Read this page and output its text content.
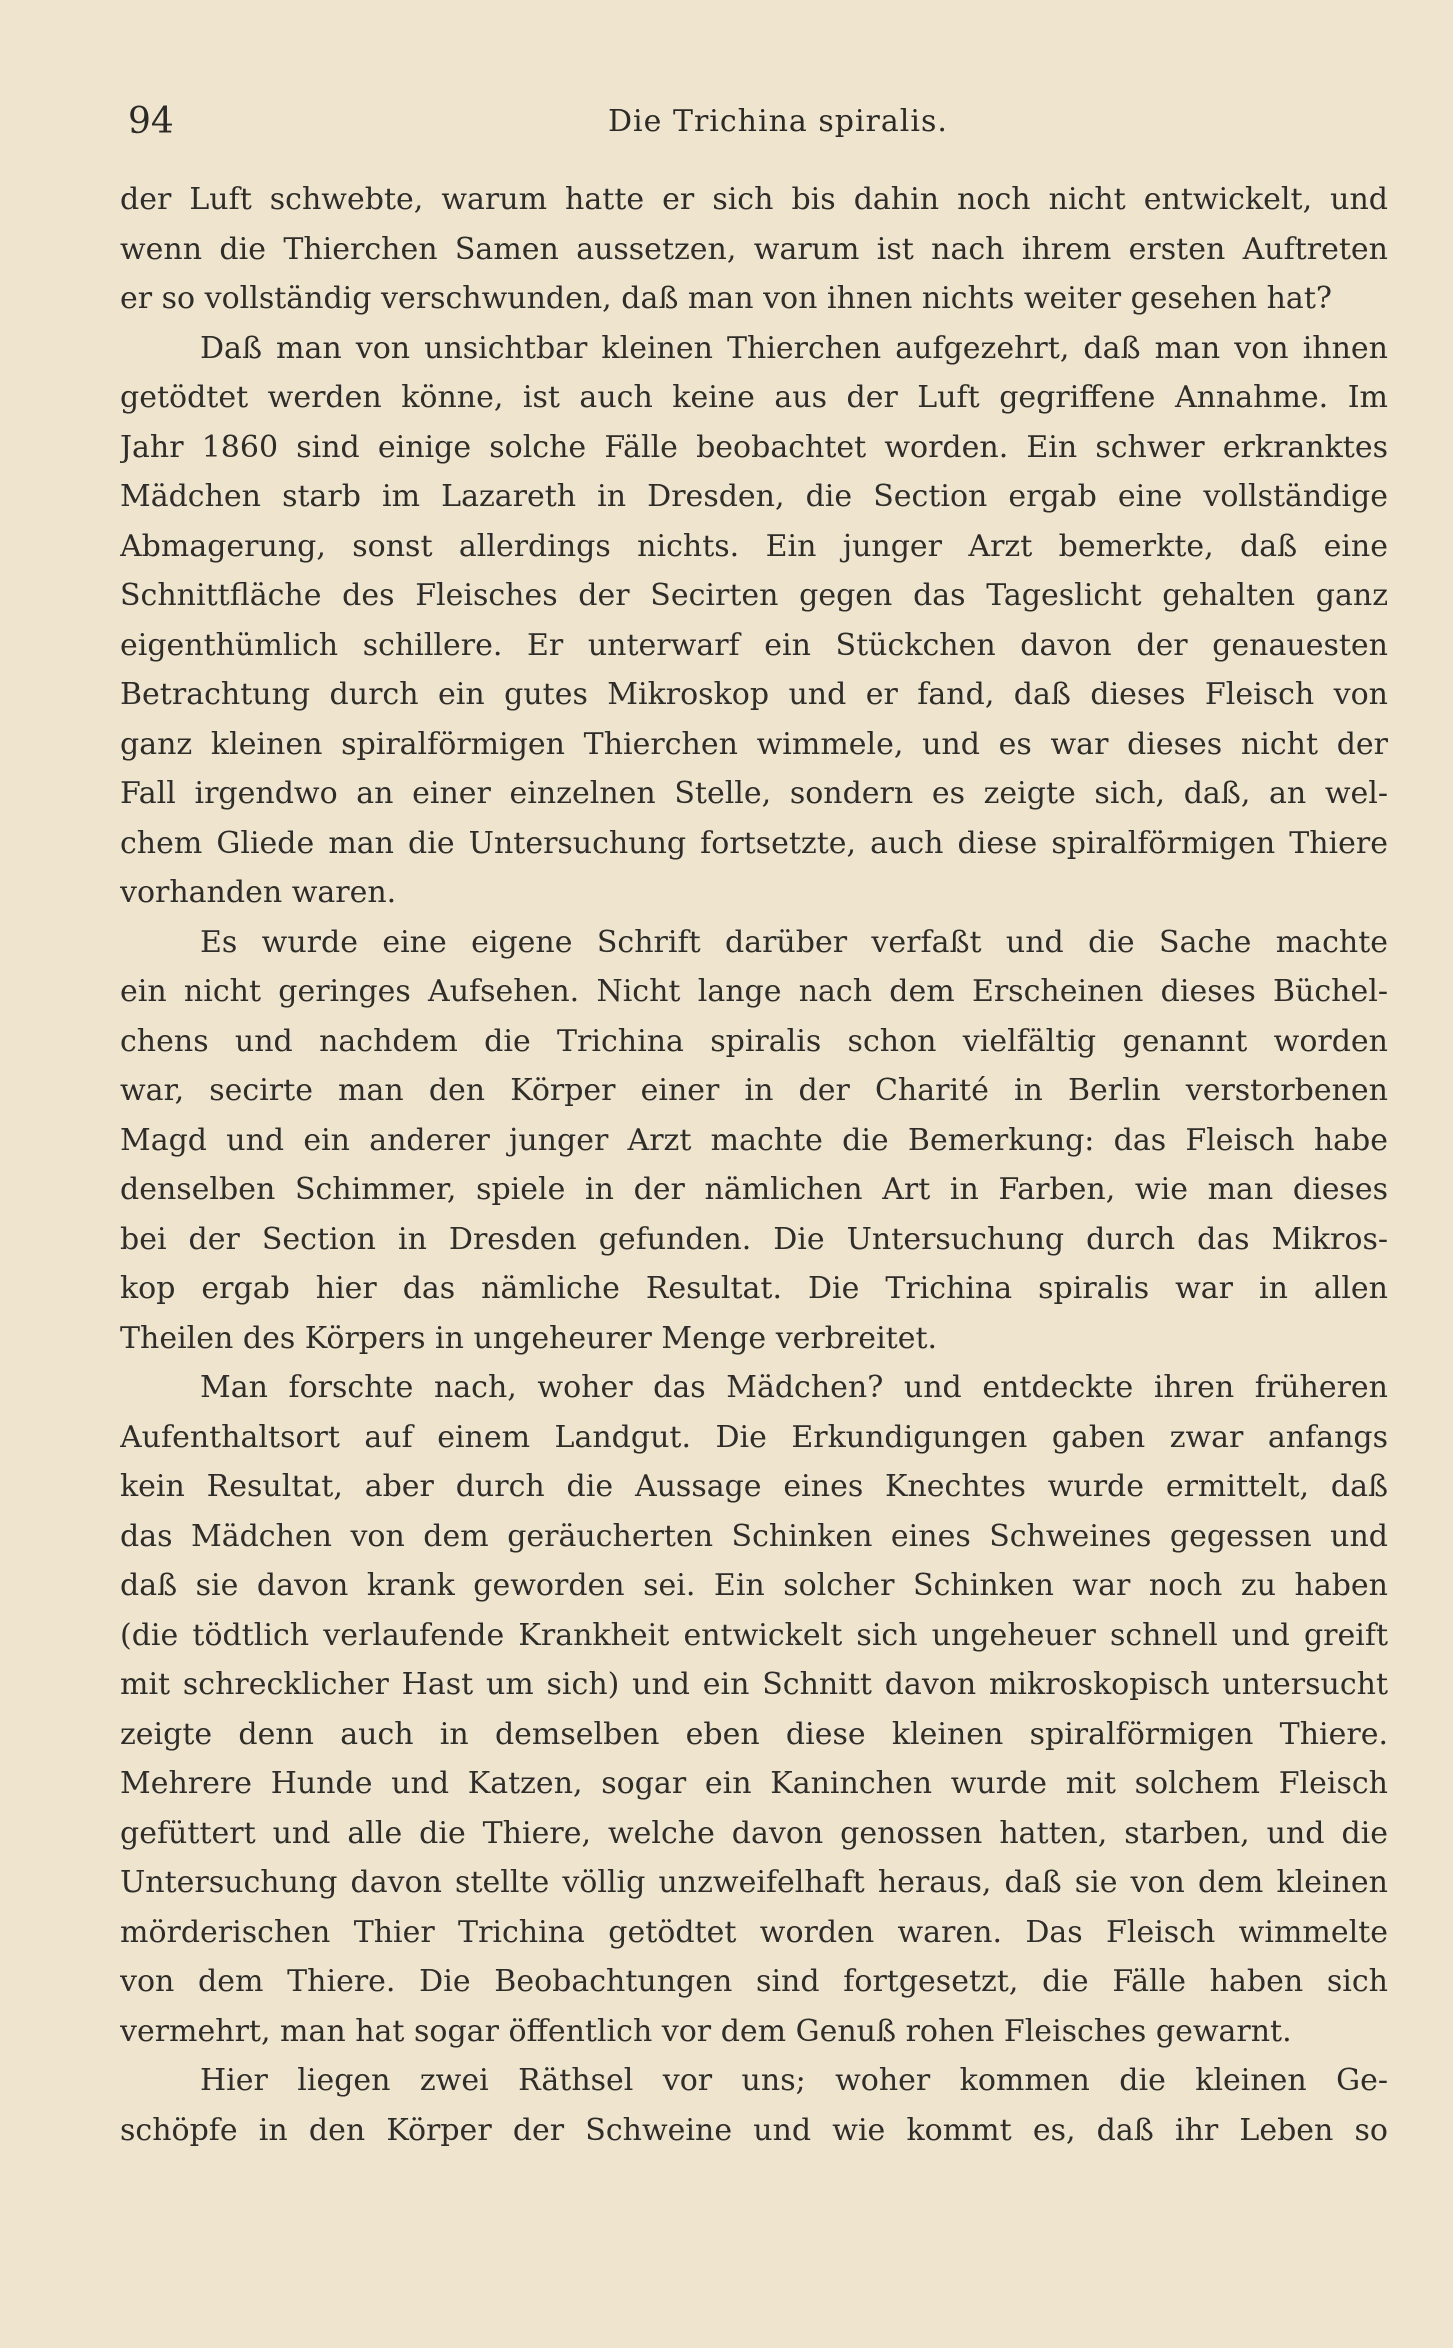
94	Die Trichina spiralis.
der Luft schwebte, warum hatte er sich bis dahin noch nicht entwickelt, und
wenn die Thierchen Samen aussetzen, warum ist nach ihrem ersten Auftreten
er so vollständig verschwunden, daß man von ihnen nichts weiter gesehen hat?
Daß man von unsichtbar kleinen Thierchen aufgezehrt, daß man von ihnen
getödtet werden könne, ist auch keine aus der Luft gegriffene Annahme. Im
Jahr 1860 sind einige solche Fälle beobachtet worden. Ein schwer erkranktes
Mädchen starb im Lazareth in Dresden, die Section ergab eine vollständige
Abmagerung, sonst allerdings nichts. Ein junger Arzt bemerkte, daß eine
Schnittfläche des Fleisches der Secirten gegen das Tageslicht gehalten ganz
eigenthümlich schillere. Er unterwarf ein Stückchen davon der genauesten
Betrachtung durch ein gutes Mikroskop und er fand, daß dieses Fleisch von
ganz kleinen spiralförmigen Thierchen wimmele, und es war dieses nicht der
Fall irgendwo an einer einzelnen Stelle, sondern es zeigte sich, daß, an wel-
chem Gliede man die Untersuchung fortsetzte, auch diese spiralförmigen Thiere
vorhanden waren.
Es wurde eine eigene Schrift darüber verfaßt und die Sache machte
ein nicht geringes Aufsehen. Nicht lange nach dem Erscheinen dieses Büchel-
chens und nachdem die Trichina spiralis schon vielfältig genannt worden
war, secirte man den Körper einer in der Charité in Berlin verstorbenen
Magd und ein anderer junger Arzt machte die Bemerkung: das Fleisch habe
denselben Schimmer, spiele in der nämlichen Art in Farben, wie man dieses
bei der Section in Dresden gefunden. Die Untersuchung durch das Mikros-
kop ergab hier das nämliche Resultat. Die Trichina spiralis war in allen
Theilen des Körpers in ungeheurer Menge verbreitet.
Man forschte nach, woher das Mädchen? und entdeckte ihren früheren
Aufenthaltsort auf einem Landgut. Die Erkundigungen gaben zwar anfangs
kein Resultat, aber durch die Aussage eines Knechtes wurde ermittelt, daß
das Mädchen von dem geräucherten Schinken eines Schweines gegessen und
daß sie davon krank geworden sei. Ein solcher Schinken war noch zu haben
(die tödtlich verlaufende Krankheit entwickelt sich ungeheuer schnell und greift
mit schrecklicher Hast um sich) und ein Schnitt davon mikroskopisch untersucht
zeigte denn auch in demselben eben diese kleinen spiralförmigen Thiere.
Mehrere Hunde und Katzen, sogar ein Kaninchen wurde mit solchem Fleisch
gefüttert und alle die Thiere, welche davon genossen hatten, starben, und die
Untersuchung davon stellte völlig unzweifelhaft heraus, daß sie von dem kleinen
mörderischen Thier Trichina getödtet worden waren. Das Fleisch wimmelte
von dem Thiere. Die Beobachtungen sind fortgesetzt, die Fälle haben sich
vermehrt, man hat sogar öffentlich vor dem Genuß rohen Fleisches gewarnt.
Hier liegen zwei Räthsel vor uns; woher kommen die kleinen Ge-
schöpfe in den Körper der Schweine und wie kommt es, daß ihr Leben so
